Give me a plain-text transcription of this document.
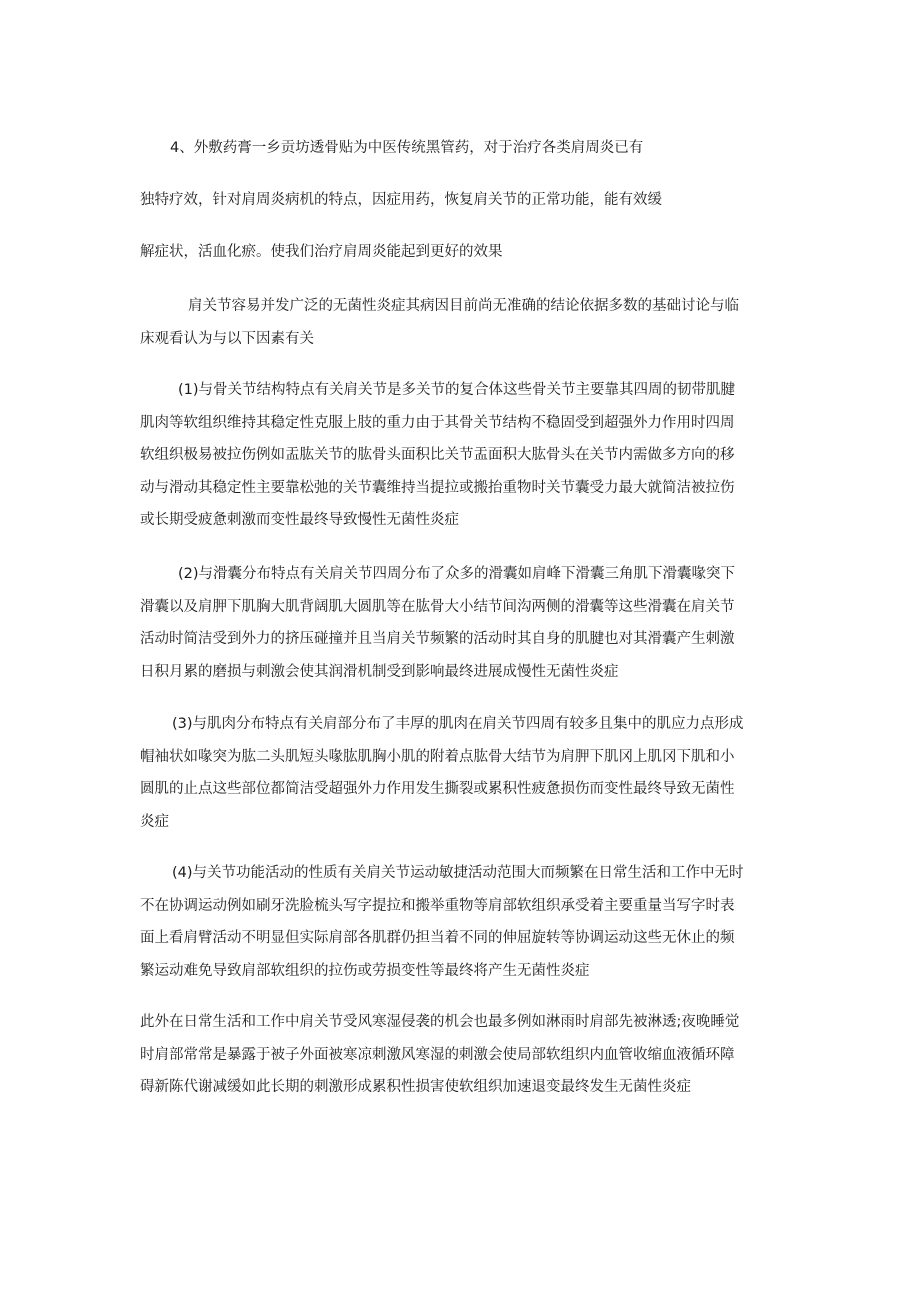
4、外敷药膏一乡贡坊透骨贴为中医传统黑管药，对于治疗各类肩周炎已有

独特疗效，针对肩周炎病机的特点，因症用药，恢复肩关节的正常功能，能有效缓

解症状，活血化瘀。使我们治疗肩周炎能起到更好的效果

肩关节容易并发广泛的无菌性炎症其病因目前尚无准确的结论依据多数的基础讨论与临
床观看认为与以下因素有关
(1)与骨关节结构特点有关肩关节是多关节的复合体这些骨关节主要靠其四周的韧带肌腱
肌肉等软组织维持其稳定性克服上肢的重力由于其骨关节结构不稳固受到超强外力作用时四周
软组织极易被拉伤例如盂肱关节的肱骨头面积比关节盂面积大肱骨头在关节内需做多方向的移
动与滑动其稳定性主要靠松弛的关节囊维持当提拉或搬抬重物时关节囊受力最大就简洁被拉伤
或长期受疲惫刺激而变性最终导致慢性无菌性炎症
(2)与滑囊分布特点有关肩关节四周分布了众多的滑囊如肩峰下滑囊三角肌下滑囊喙突下
滑囊以及肩胛下肌胸大肌背阔肌大圆肌等在肱骨大小结节间沟两侧的滑囊等这些滑囊在肩关节
活动时简洁受到外力的挤压碰撞并且当肩关节频繁的活动时其自身的肌腱也对其滑囊产生刺激
日积月累的磨损与刺激会使其润滑机制受到影响最终进展成慢性无菌性炎症
(3)与肌肉分布特点有关肩部分布了丰厚的肌肉在肩关节四周有较多且集中的肌应力点形成
帽袖状如喙突为肱二头肌短头喙肱肌胸小肌的附着点肱骨大结节为肩胛下肌冈上肌冈下肌和小
圆肌的止点这些部位都简洁受超强外力作用发生撕裂或累积性疲惫损伤而变性最终导致无菌性
炎症
(4)与关节功能活动的性质有关肩关节运动敏捷活动范围大而频繁在日常生活和工作中无时
不在协调运动例如刷牙洗脸梳头写字提拉和搬举重物等肩部软组织承受着主要重量当写字时表
面上看肩臂活动不明显但实际肩部各肌群仍担当着不同的伸屈旋转等协调运动这些无休止的频
繁运动难免导致肩部软组织的拉伤或劳损变性等最终将产生无菌性炎症
此外在日常生活和工作中肩关节受风寒湿侵袭的机会也最多例如淋雨时肩部先被淋透;夜晚睡觉
时肩部常常是暴露于被子外面被寒凉刺激风寒湿的刺激会使局部软组织内血管收缩血液循环障
碍新陈代谢减缓如此长期的刺激形成累积性损害使软组织加速退变最终发生无菌性炎症
